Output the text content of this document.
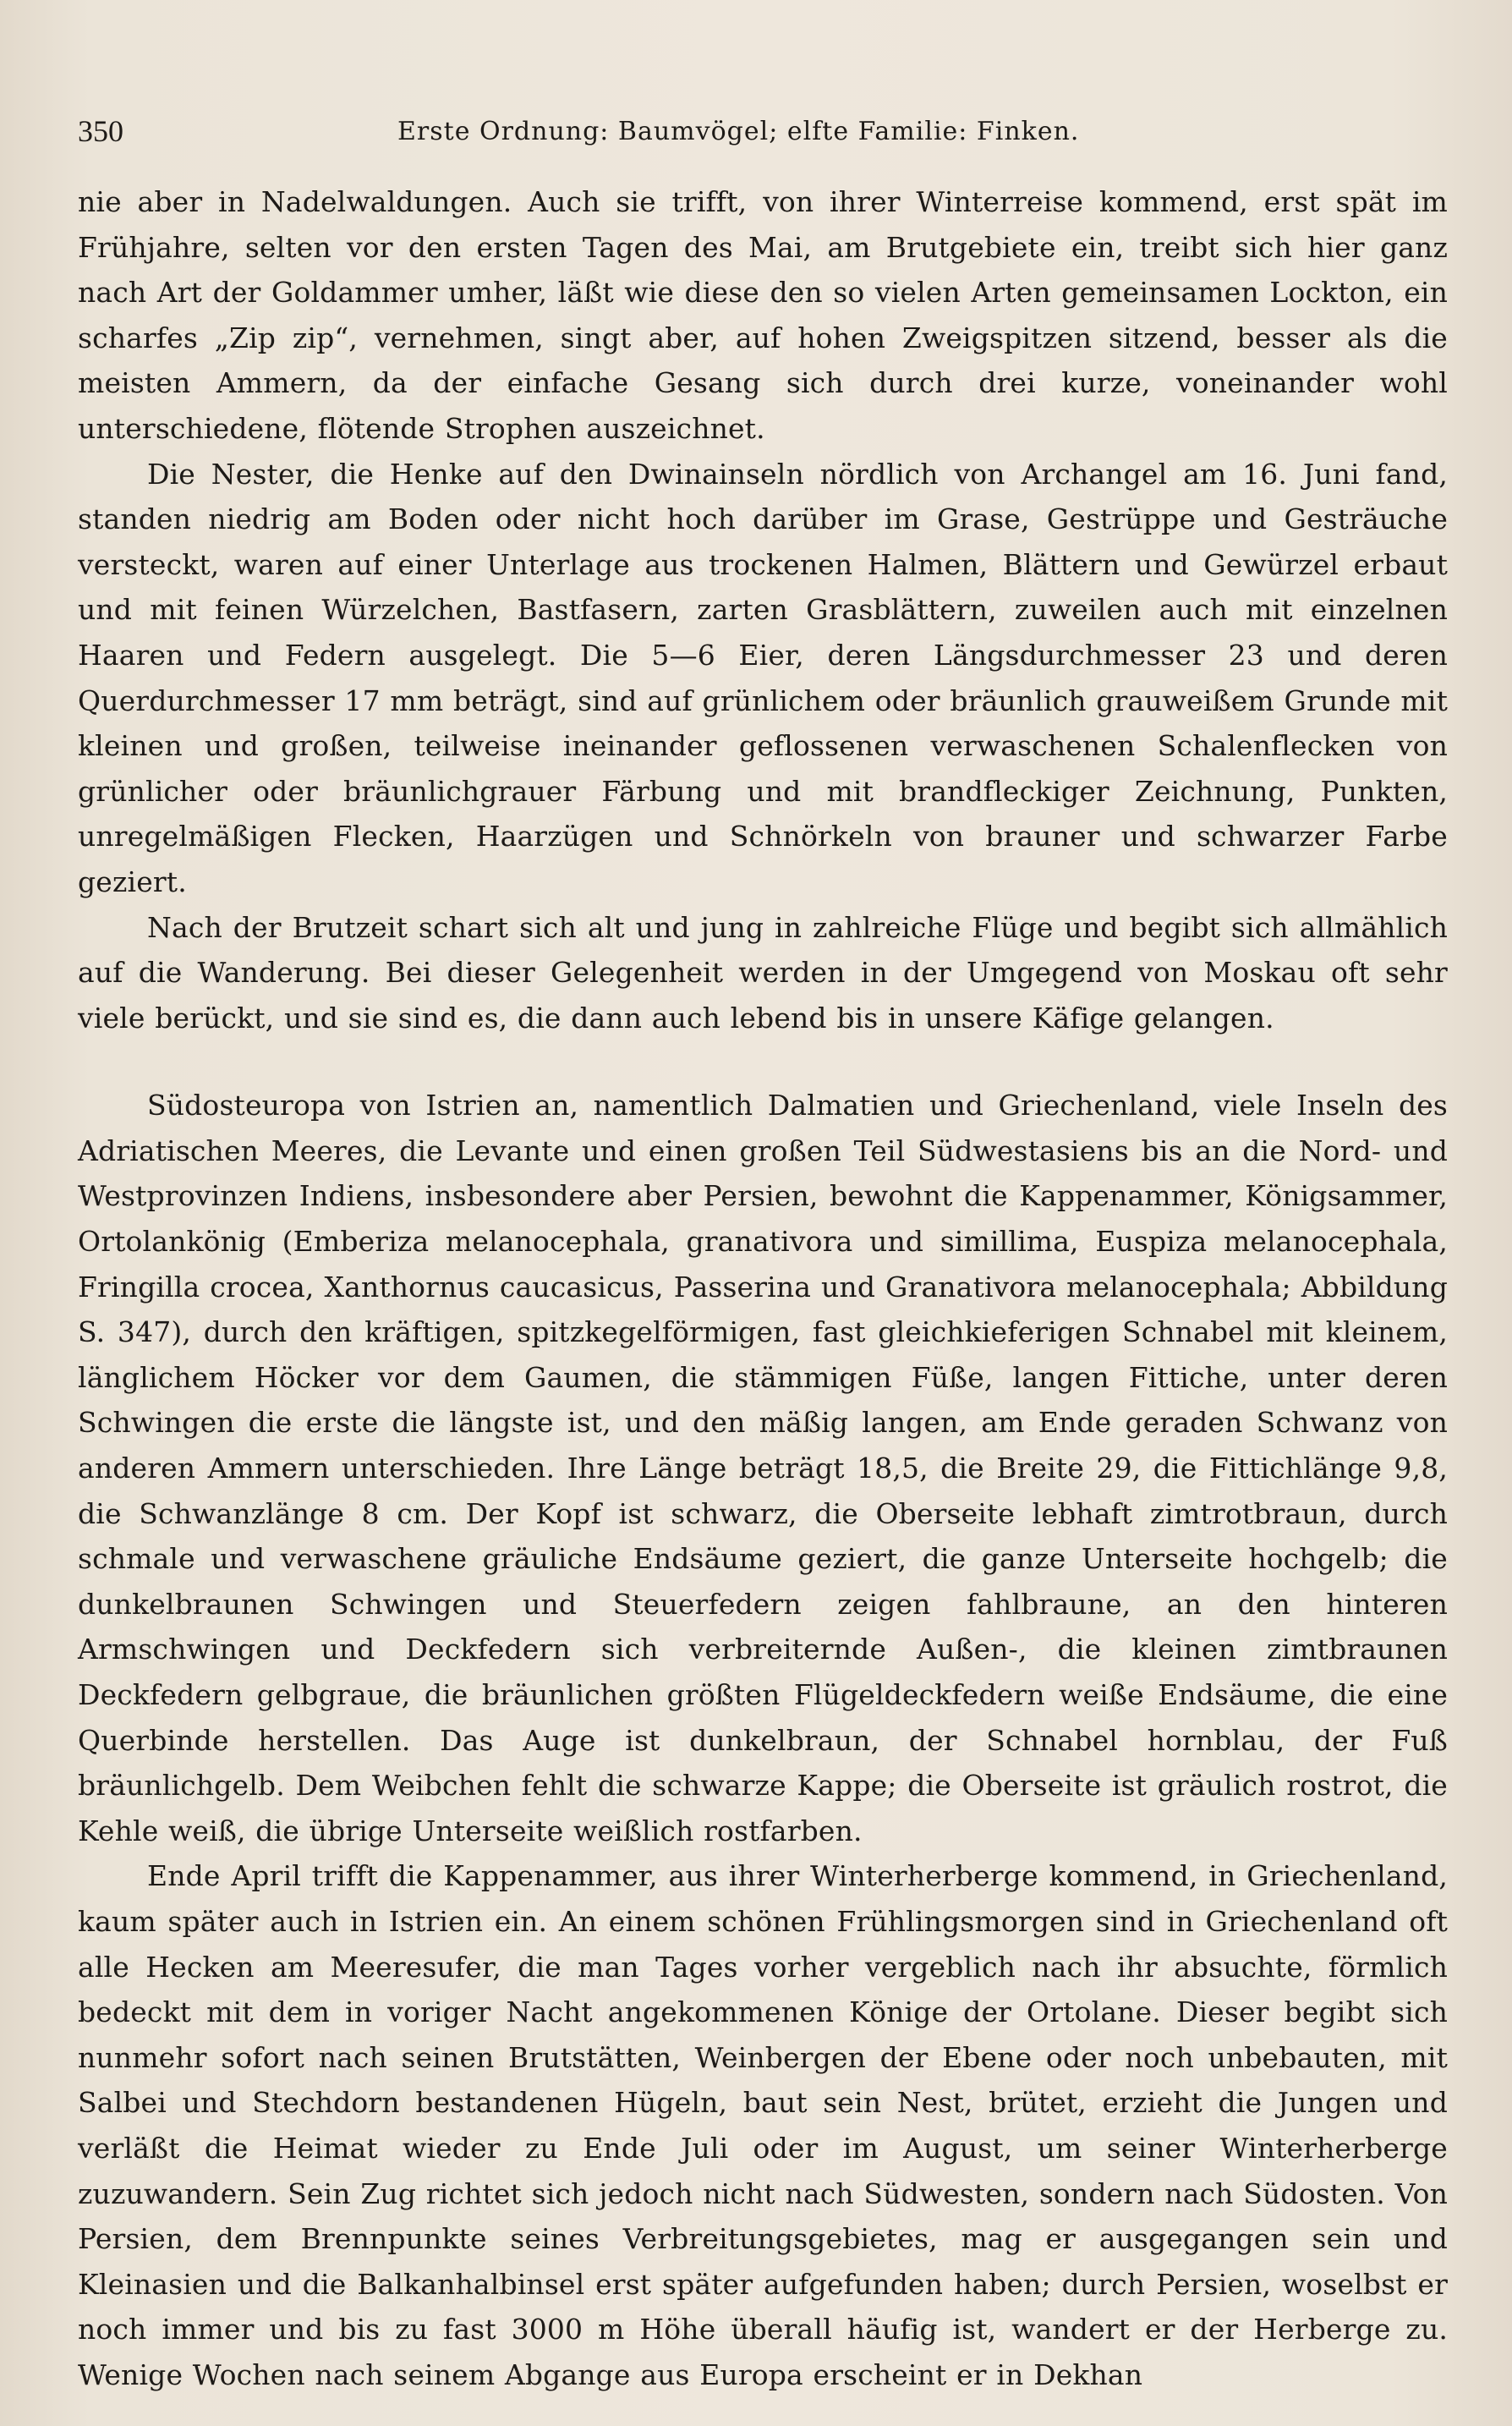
350	Erste Ordnung: Baumvögel; elfte Familie: Finken.

nie aber in Nadelwaldungen. Auch sie trifft, von ihrer Winterreise kommend, erst spät im Frühjahre, selten vor den ersten Tagen des Mai, am Brutgebiete ein, treibt sich hier ganz nach Art der Goldammer umher, läßt wie diese den so vielen Arten gemeinsamen Lockton, ein scharfes „Zip zip“, vernehmen, singt aber, auf hohen Zweigspitzen sitzend, besser als die meisten Ammern, da der einfache Gesang sich durch drei kurze, voneinander wohl unterschiedene, flötende Strophen auszeichnet.

Die Nester, die Henke auf den Dwinainseln nördlich von Archangel am 16. Juni fand, standen niedrig am Boden oder nicht hoch darüber im Grase, Gestrüppe und Gesträuche versteckt, waren auf einer Unterlage aus trockenen Halmen, Blättern und Gewürzel erbaut und mit feinen Würzelchen, Bastfasern, zarten Grasblättern, zuweilen auch mit einzelnen Haaren und Federn ausgelegt. Die 5—6 Eier, deren Längsdurchmesser 23 und deren Querdurchmesser 17 mm beträgt, sind auf grünlichem oder bräunlich grauweißem Grunde mit kleinen und großen, teilweise ineinander geflossenen verwaschenen Schalenflecken von grünlicher oder bräunlichgrauer Färbung und mit brandfleckiger Zeichnung, Punkten, unregelmäßigen Flecken, Haarzügen und Schnörkeln von brauner und schwarzer Farbe geziert.

Nach der Brutzeit schart sich alt und jung in zahlreiche Flüge und begibt sich allmählich auf die Wanderung. Bei dieser Gelegenheit werden in der Umgegend von Moskau oft sehr viele berückt, und sie sind es, die dann auch lebend bis in unsere Käfige gelangen.

Südosteuropa von Istrien an, namentlich Dalmatien und Griechenland, viele Inseln des Adriatischen Meeres, die Levante und einen großen Teil Südwestasiens bis an die Nord- und Westprovinzen Indiens, insbesondere aber Persien, bewohnt die Kappenammer, Königsammer, Ortolankönig (Emberiza melanocephala, granativora und simillima, Euspiza melanocephala, Fringilla crocea, Xanthornus caucasicus, Passerina und Granativora melanocephala; Abbildung S. 347), durch den kräftigen, spitzkegelförmigen, fast gleichkieferigen Schnabel mit kleinem, länglichem Höcker vor dem Gaumen, die stämmigen Füße, langen Fittiche, unter deren Schwingen die erste die längste ist, und den mäßig langen, am Ende geraden Schwanz von anderen Ammern unterschieden. Ihre Länge beträgt 18,5, die Breite 29, die Fittichlänge 9,8, die Schwanzlänge 8 cm. Der Kopf ist schwarz, die Oberseite lebhaft zimtrotbraun, durch schmale und verwaschene gräuliche Endsäume geziert, die ganze Unterseite hochgelb; die dunkelbraunen Schwingen und Steuerfedern zeigen fahlbraune, an den hinteren Armschwingen und Deckfedern sich verbreiternde Außen-, die kleinen zimtbraunen Deckfedern gelbgraue, die bräunlichen größten Flügeldeckfedern weiße Endsäume, die eine Querbinde herstellen. Das Auge ist dunkelbraun, der Schnabel hornblau, der Fuß bräunlichgelb. Dem Weibchen fehlt die schwarze Kappe; die Oberseite ist gräulich rostrot, die Kehle weiß, die übrige Unterseite weißlich rostfarben.

Ende April trifft die Kappenammer, aus ihrer Winterherberge kommend, in Griechenland, kaum später auch in Istrien ein. An einem schönen Frühlingsmorgen sind in Griechenland oft alle Hecken am Meeresufer, die man Tages vorher vergeblich nach ihr absuchte, förmlich bedeckt mit dem in voriger Nacht angekommenen Könige der Ortolane. Dieser begibt sich nunmehr sofort nach seinen Brutstätten, Weinbergen der Ebene oder noch unbebauten, mit Salbei und Stechdorn bestandenen Hügeln, baut sein Nest, brütet, erzieht die Jungen und verläßt die Heimat wieder zu Ende Juli oder im August, um seiner Winterherberge zuzuwandern. Sein Zug richtet sich jedoch nicht nach Südwesten, sondern nach Südosten. Von Persien, dem Brennpunkte seines Verbreitungsgebietes, mag er ausgegangen sein und Kleinasien und die Balkanhalbinsel erst später aufgefunden haben; durch Persien, woselbst er noch immer und bis zu fast 3000 m Höhe überall häufig ist, wandert er der Herberge zu. Wenige Wochen nach seinem Abgange aus Europa erscheint er in Dekhan
